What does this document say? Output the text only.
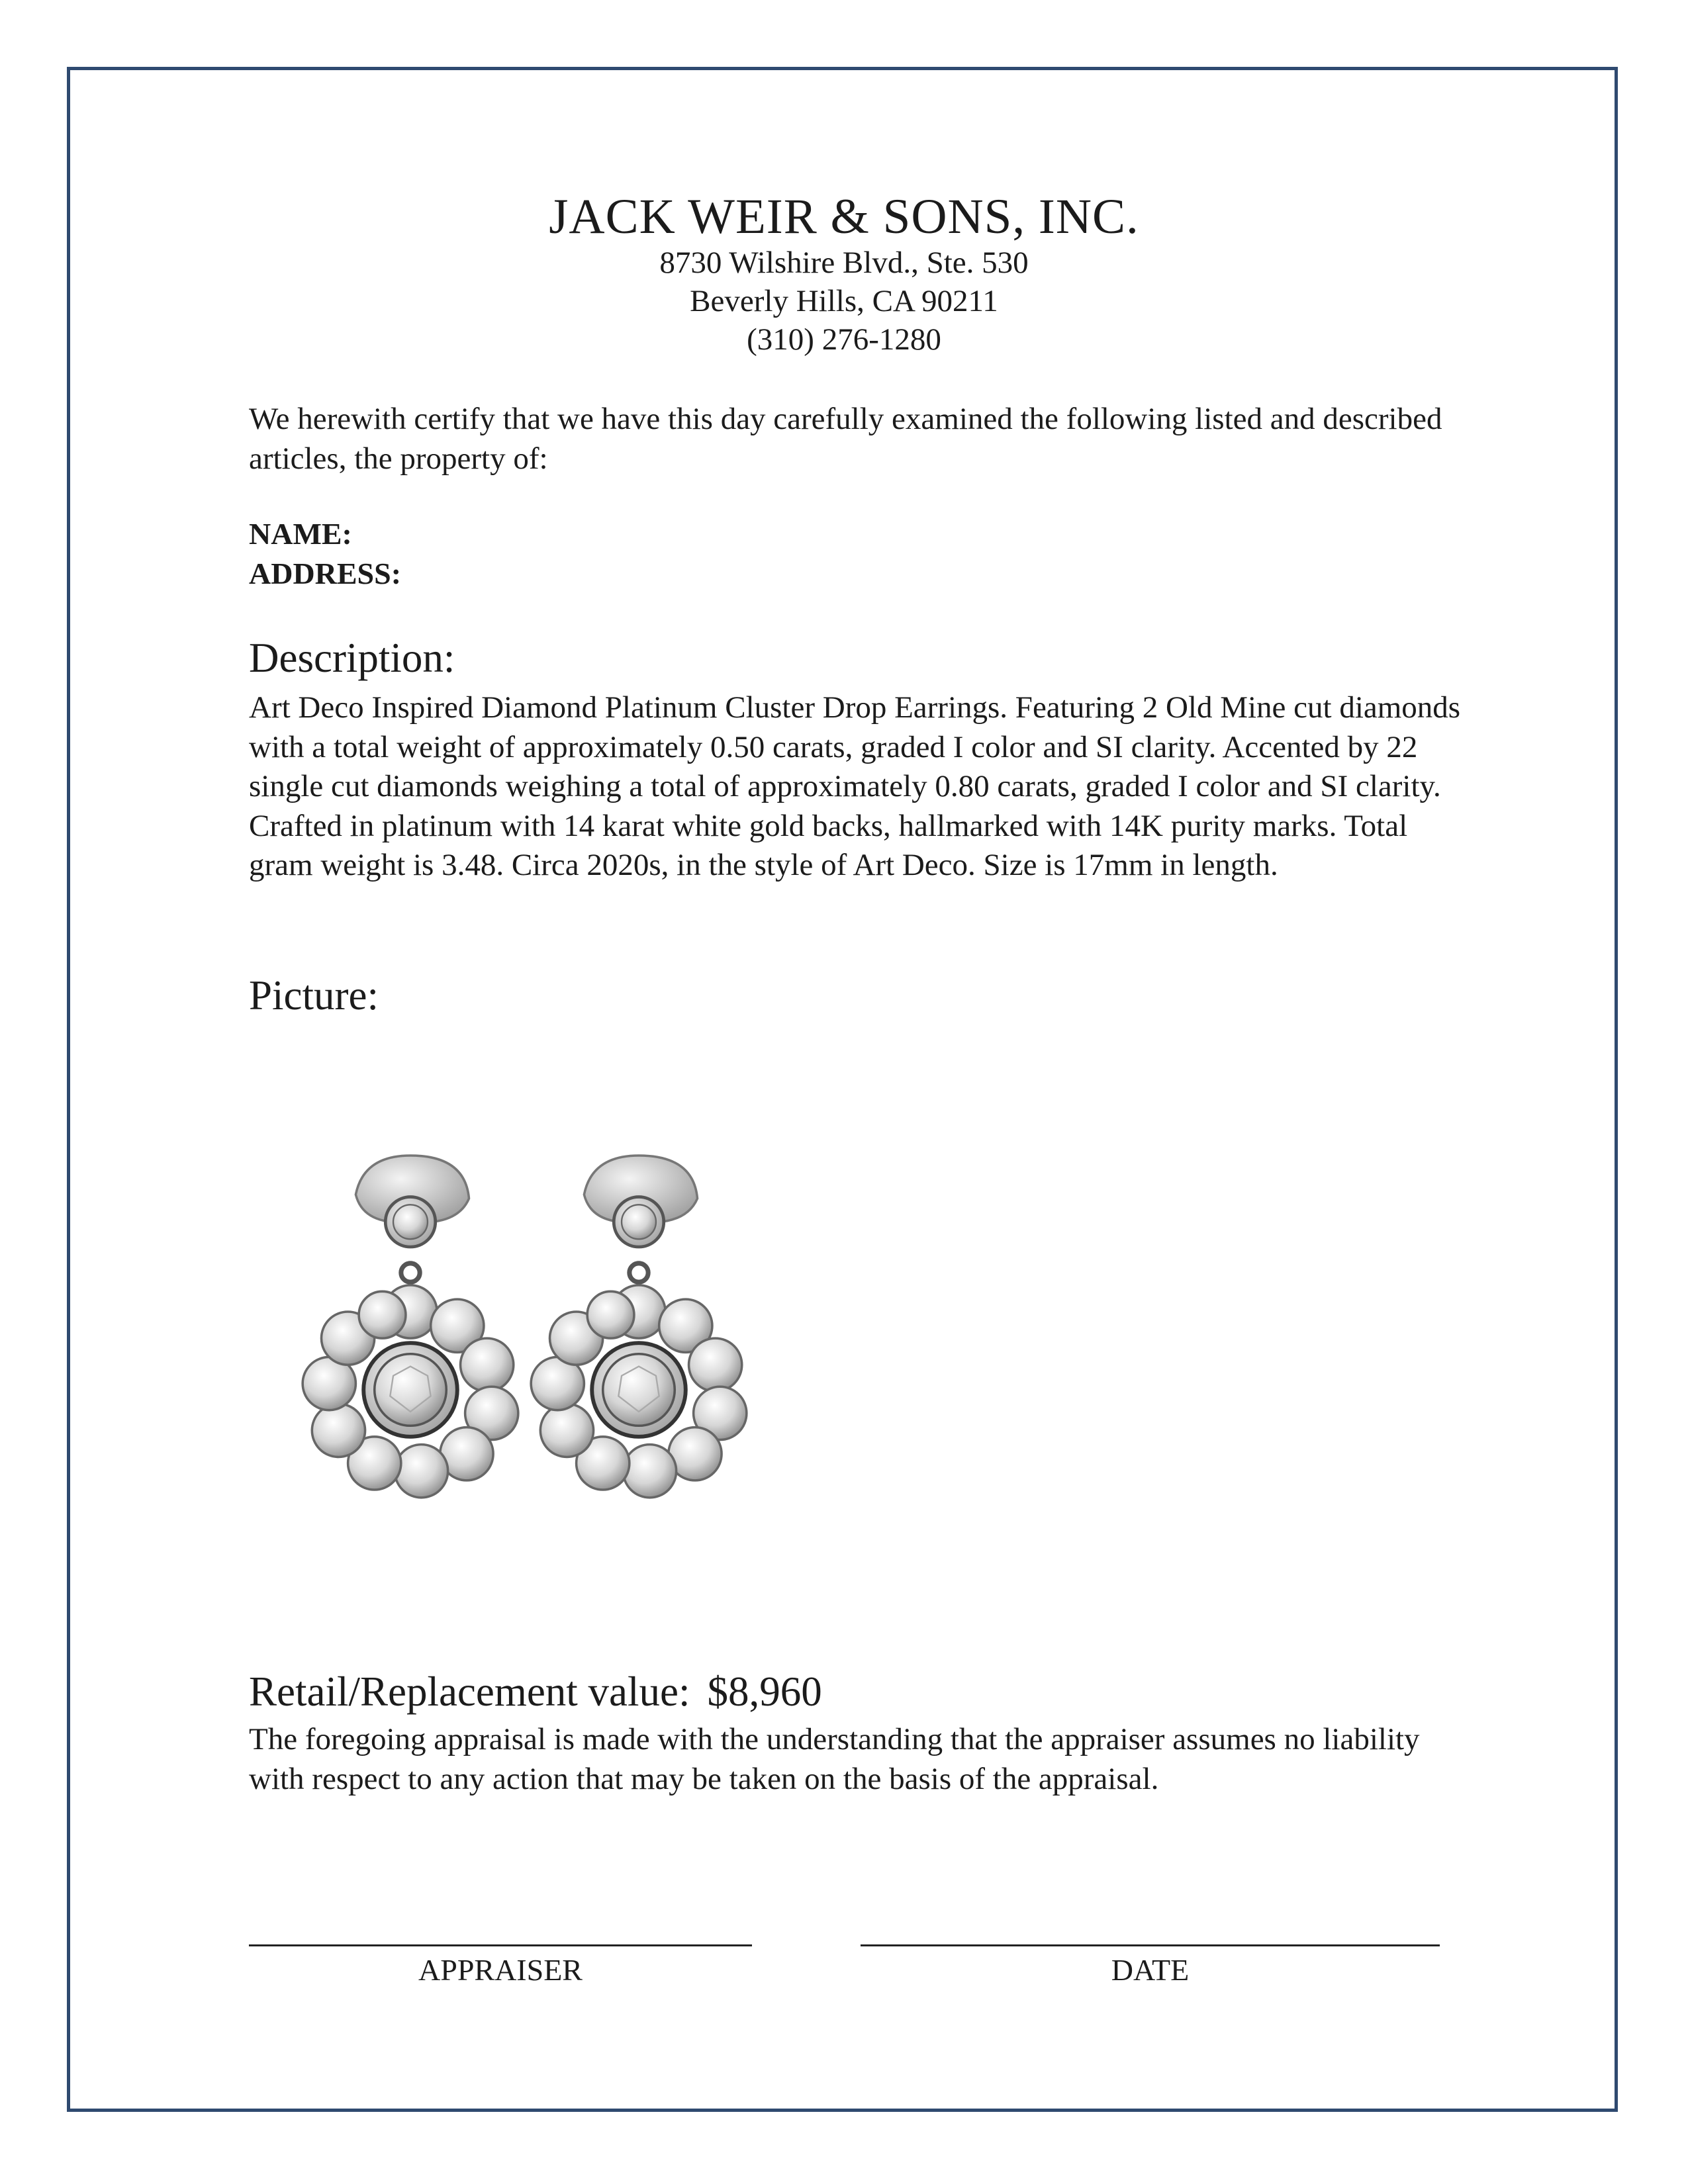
JACK WEIR & SONS, INC.
8730 Wilshire Blvd., Ste. 530
Beverly Hills, CA 90211
(310) 276-1280
We herewith certify that we have this day carefully examined the following listed and described articles, the property of:
NAME:
ADDRESS:
Description:
Art Deco Inspired Diamond Platinum Cluster Drop Earrings. Featuring 2 Old Mine cut diamonds with a total weight of approximately 0.50 carats, graded I color and SI clarity. Accented by 22 single cut diamonds weighing a total of approximately 0.80 carats, graded I color and SI clarity. Crafted in platinum with 14 karat white gold backs, hallmarked with 14K purity marks. Total gram weight is 3.48. Circa 2020s, in the style of Art Deco. Size is 17mm in length.
Picture:
Retail/Replacement value: $8,960
The foregoing appraisal is made with the understanding that the appraiser assumes no liability with respect to any action that may be taken on the basis of the appraisal.
APPRAISER	DATE
